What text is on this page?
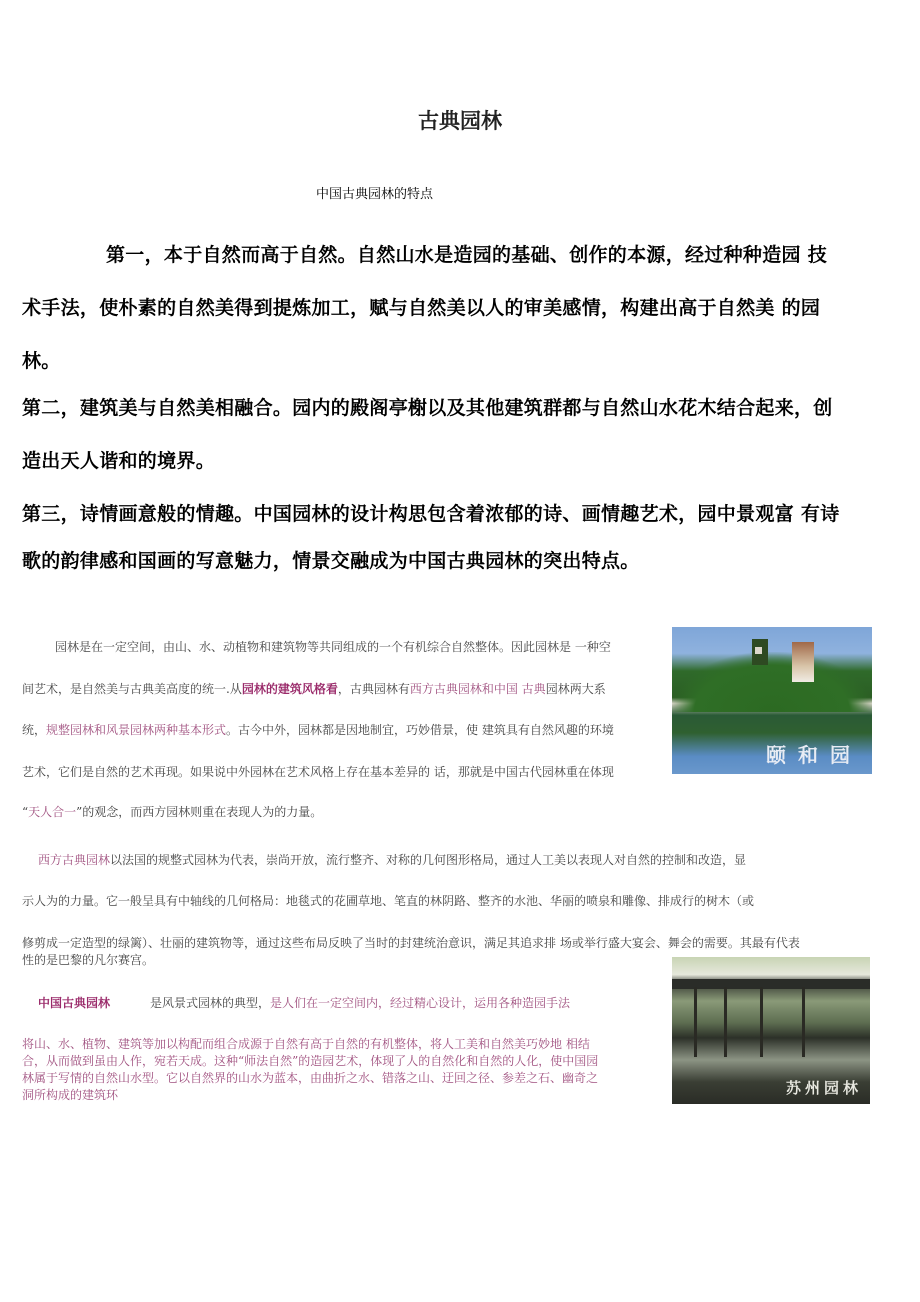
古典园林
中国古典园林的特点
第一，本于自然而高于自然。自然山水是造园的基础、创作的本源，经过种种造园 技
术手法，使朴素的自然美得到提炼加工，赋与自然美以人的审美感情，构建出高于自然美 的园
林。
第二，建筑美与自然美相融合。园内的殿阁亭榭以及其他建筑群都与自然山水花木结合起来，创
造出天人谐和的境界。
第三，诗情画意般的情趣。中国园林的设计构思包含着浓郁的诗、画情趣艺术，园中景观富 有诗
歌的韵律感和国画的写意魅力，情景交融成为中国古典园林的突出特点。
园林是在一定空间，由山、水、动植物和建筑物等共同组成的一个有机综合自然整体。因此园林是 一种空
间艺术，是自然美与古典美高度的统一.从园林的建筑风格看，古典园林有西方古典园林和中国 古典园林两大系
统，规整园林和风景园林两种基本形式。古今中外，园林都是因地制宜，巧妙借景，使 建筑具有自然风趣的环境
艺术，它们是自然的艺术再现。如果说中外园林在艺术风格上存在基本差异的 话，那就是中国古代园林重在体现
“天人合一”的观念，而西方园林则重在表现人为的力量。
颐和园
西方古典园林以法国的规整式园林为代表，崇尚开放，流行整齐、对称的几何图形格局，通过人工美以表现人对自然的控制和改造，显
示人为的力量。它一般呈具有中轴线的几何格局：地毯式的花圃草地、笔直的林阴路、整齐的水池、华丽的喷泉和雕像、排成行的树木（或
修剪成一定造型的绿篱）、壮丽的建筑物等，通过这些布局反映了当时的封建统治意识，满足其追求排 场或举行盛大宴会、舞会的需要。其最有代表
性的是巴黎的凡尔赛宫。
中国古典园林	是风景式园林的典型，是人们在一定空间内，经过精心设计，运用各种造园手法
将山、水、植物、建筑等加以构配而组合成源于自然有高于自然的有机整体，将人工美和自然美巧妙地 相结
合，从而做到虽由人作，宛若天成。这种“师法自然”的造园艺术，体现了人的自然化和自然的人化，使中国园
林属于写情的自然山水型。它以自然界的山水为蓝本，由曲折之水、错落之山、迂回之径、参差之石、幽奇之
洞所构成的建筑环	苏州园林
